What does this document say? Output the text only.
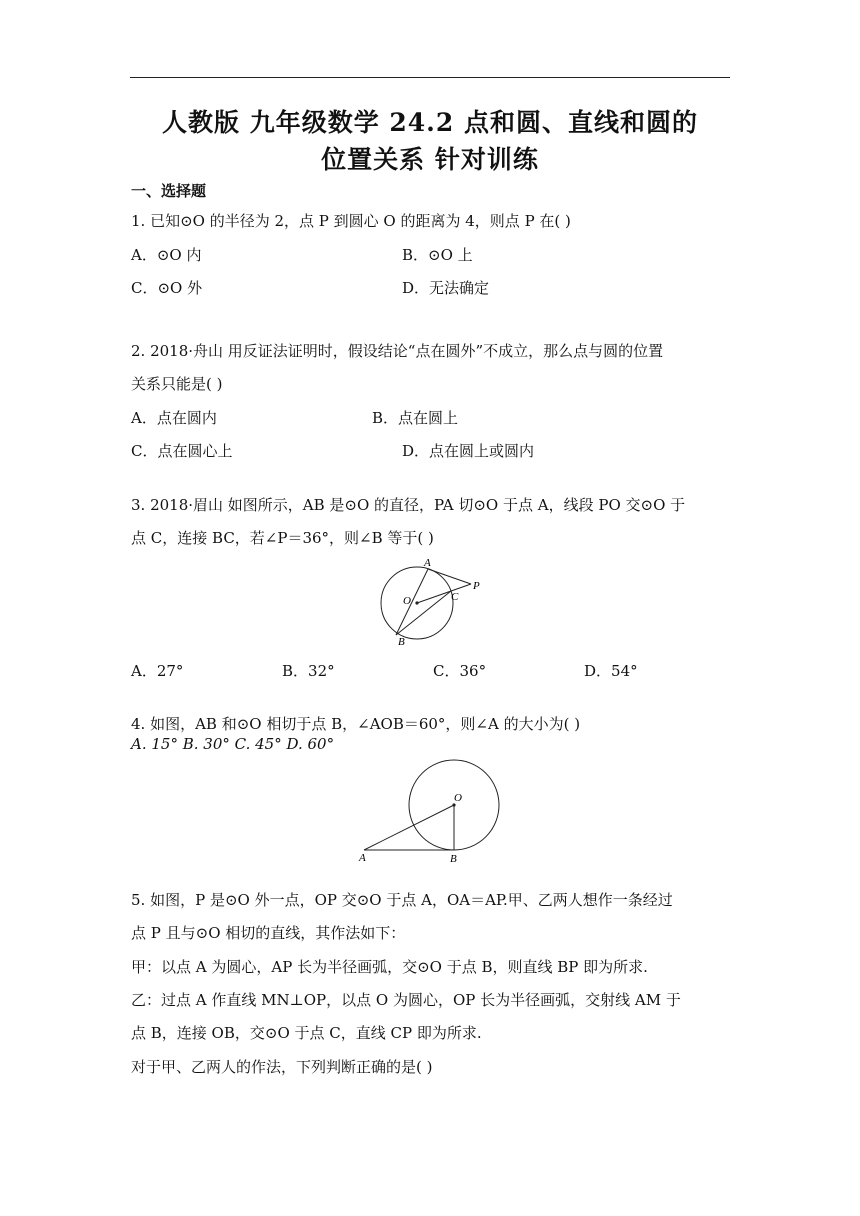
人教版 九年级数学 24.2 点和圆、直线和圆的
位置关系 针对训练
一、选择题
1. 已知⊙O 的半径为 2，点 P 到圆心 O 的距离为 4，则点 P 在( )
A．⊙O 内	B．⊙O 上
C．⊙O 外	D．无法确定
2. 2018·舟山 用反证法证明时，假设结论“点在圆外”不成立，那么点与圆的位置
关系只能是( )
A．点在圆内	B．点在圆上
C．点在圆心上	D．点在圆上或圆内
3. 2018·眉山 如图所示，AB 是⊙O 的直径，PA 切⊙O 于点 A，线段 PO 交⊙O 于
点 C，连接 BC，若∠P＝36°，则∠B 等于( )
A
O	C
P
B
A．27°	B．32°	C．36°	D．54°
4. 如图，AB 和⊙O 相切于点 B，∠AOB＝60°，则∠A 的大小为( )
A. 15° B. 30° C. 45° D. 60°
O
A	B
5. 如图，P 是⊙O 外一点，OP 交⊙O 于点 A，OA＝AP.甲、乙两人想作一条经过
点 P 且与⊙O 相切的直线，其作法如下：
甲：以点 A 为圆心，AP 长为半径画弧，交⊙O 于点 B，则直线 BP 即为所求.
乙：过点 A 作直线 MN⊥OP，以点 O 为圆心，OP 长为半径画弧，交射线 AM 于
点 B，连接 OB，交⊙O 于点 C，直线 CP 即为所求.
对于甲、乙两人的作法，下列判断正确的是( )
